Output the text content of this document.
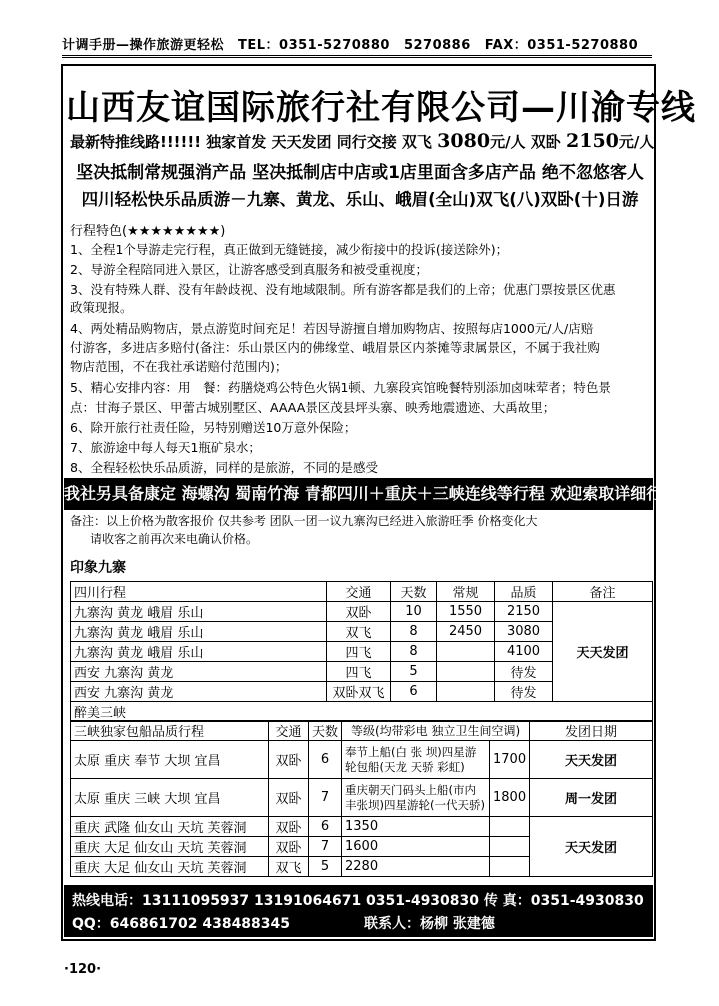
计调手册—操作旅游更轻松 TEL：0351-5270880 5270886 FAX：0351-5270880
山西友谊国际旅行社有限公司—川渝专线
最新特推线路!!!!!! 独家首发 天天发团 同行交接 双飞 3080元/人 双卧 2150元/人
坚决抵制常规强消产品 坚决抵制店中店或1店里面含多店产品 绝不忽悠客人
四川轻松快乐品质游－九寨、黄龙、乐山、峨眉(全山)双飞(八)双卧(十)日游
行程特色(★★★★★★★★)
1、全程1个导游走完行程，真正做到无缝链接，减少衔接中的投诉(接送除外)；
2、导游全程陪同进入景区，让游客感受到真服务和被受重视度；
3、没有特殊人群、没有年龄歧视、没有地域限制。所有游客都是我们的上帝；优惠门票按景区优惠
政策现报。
4、两处精品购物店，景点游览时间充足！若因导游擅自增加购物店、按照每店1000元/人/店赔
付游客，多进店多赔付(备注：乐山景区内的佛缘堂、峨眉景区内茶摊等隶属景区，不属于我社购
物店范围，不在我社承诺赔付范围内)；
5、精心安排内容：用　餐：药膳烧鸡公特色火锅1顿、九寨段宾馆晚餐特别添加卤味荤者；特色景
点：甘海子景区、甲蕾古城别墅区、AAAA景区茂县坪头寨、映秀地震遗迹、大禹故里；
6、除开旅行社责任险，另特别赠送10万意外保险；
7、旅游途中每人每天1瓶矿泉水；
8、全程轻松快乐品质游，同样的是旅游，不同的是感受
我社另具备康定 海螺沟 蜀南竹海 青都四川＋重庆＋三峡连线等行程 欢迎索取详细行程
备注：以上价格为散客报价 仅共参考 团队一团一议九寨沟已经进入旅游旺季 价格变化大
请收客之前再次来电确认价格。
印象九寨
四川行程	交通	天数	常规	品质	备注
九寨沟 黄龙 峨眉 乐山	双卧	10	1550	2150	天天发团
九寨沟 黄龙 峨眉 乐山	双飞	8	2450	3080	
九寨沟 黄龙 峨眉 乐山	四飞	8		4100	
西安 九寨沟 黄龙	四飞	5		待发	
西安 九寨沟 黄龙	双卧双飞	6		待发	
醉美三峡					
三峡独家包船品质行程	交通	天数	等级(均带彩电 独立卫生间空调)		发团日期
太原 重庆 奉节 大坝 宜昌	双卧	6	奉节上船(白 张 坝)四星游轮包船(天龙 天骄 彩虹)	1700	天天发团
太原 重庆 三峡 大坝 宜昌	双卧	7	重庆朝天门码头上船(市内丰张坝)四星游轮(一代天骄)	1800	周一发团
重庆 武隆 仙女山 天坑 芙蓉洞	双卧	6	1350		天天发团
重庆 大足 仙女山 天坑 芙蓉洞	双卧	7	1600		
重庆 大足 仙女山 天坑 芙蓉洞	双飞	5	2280		
热线电话：13111095937 13191064671 0351-4930830 传 真：0351-4930830
QQ：646861702 438488345	联系人：杨柳 张建德
·120·
